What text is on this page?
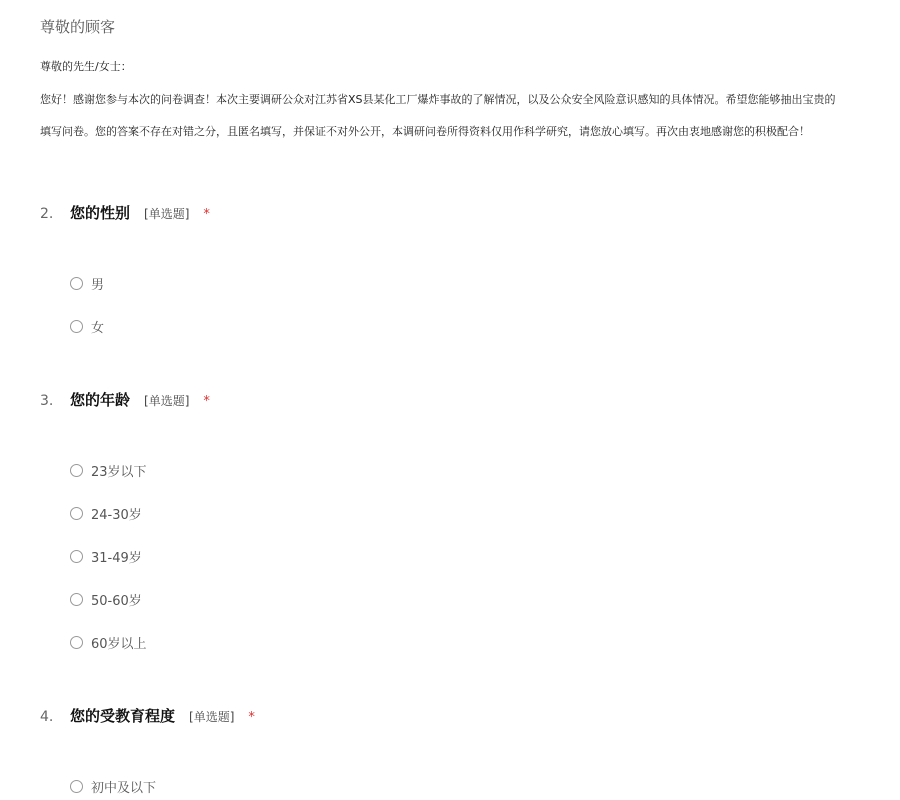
尊敬的顾客

尊敬的先生/女士：

您好！感谢您参与本次的问卷调查！本次主要调研公众对江苏省XS县某化工厂爆炸事故的了解情况，以及公众安全风险意识感知的具体情况。希望您能够抽出宝贵的

填写问卷。您的答案不存在对错之分，且匿名填写，并保证不对外公开，本调研问卷所得资料仅用作科学研究，请您放心填写。再次由衷地感谢您的积极配合！

2.	您的性别 [单选题] *
男
女
3.	您的年龄 [单选题] *
23岁以下
24-30岁
31-49岁
50-60岁
60岁以上
4.	您的受教育程度 [单选题] *
初中及以下
